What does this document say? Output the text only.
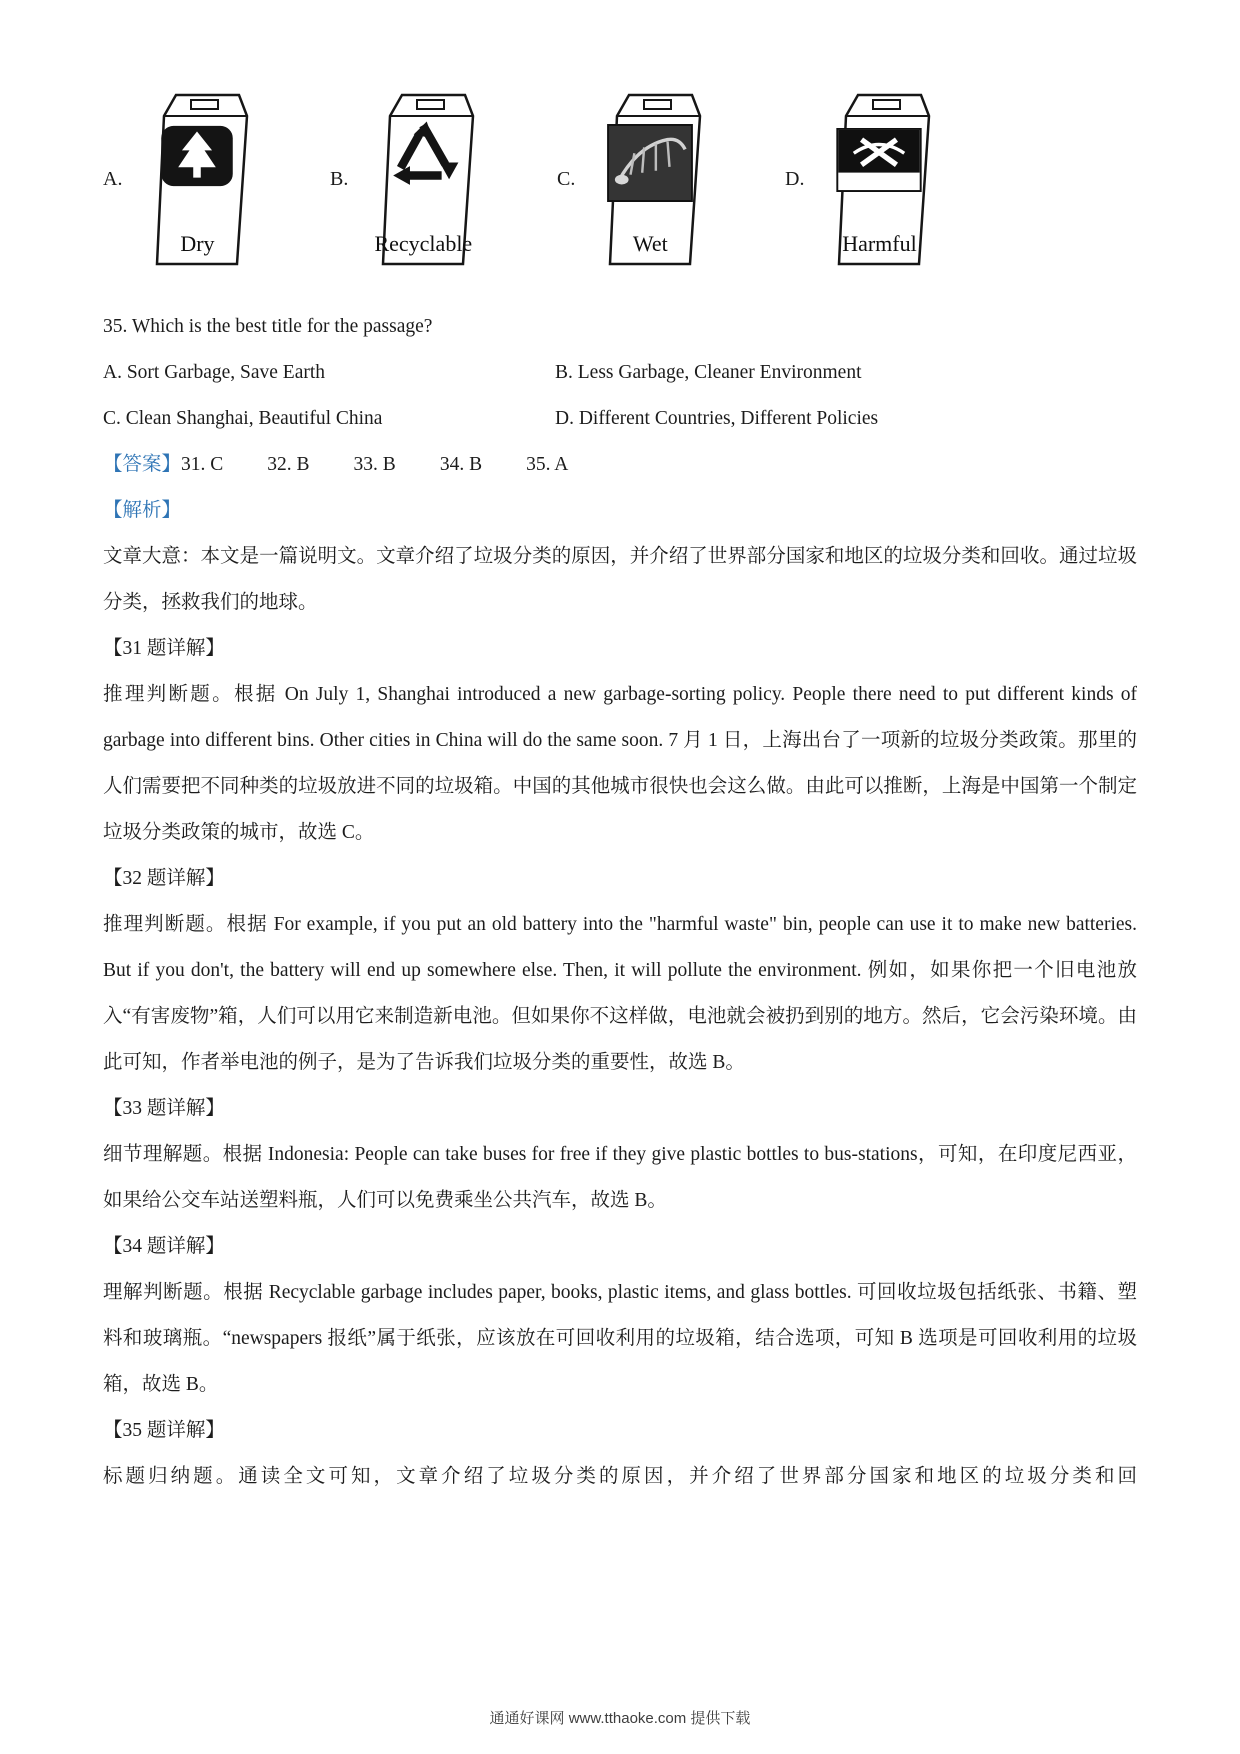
A.
Dry
B.
Recyclable
C.
Wet
D.
Harmful
35. Which is the best title for the passage?
A. Sort Garbage, Save Earth	B. Less Garbage, Cleaner Environment
C. Clean Shanghai, Beautiful China	D. Different Countries, Different Policies
【答案】 31. C 32. B 33. B 34. B 35. A
【解析】
文章大意：本文是一篇说明文。文章介绍了垃圾分类的原因，并介绍了世界部分国家和地区的垃圾分类和回收。通过垃圾分类，拯救我们的地球。
【31 题详解】
推理判断题。根据 On July 1, Shanghai introduced a new garbage-sorting policy. People there need to put different kinds of garbage into different bins. Other cities in China will do the same soon. 7 月 1 日，上海出台了一项新的垃圾分类政策。那里的人们需要把不同种类的垃圾放进不同的垃圾箱。中国的其他城市很快也会这么做。由此可以推断，上海是中国第一个制定垃圾分类政策的城市，故选 C。
【32 题详解】
推理判断题。根据 For example, if you put an old battery into the "harmful waste" bin, people can use it to make new batteries. But if you don't, the battery will end up somewhere else. Then, it will pollute the environment. 例如，如果你把一个旧电池放入“有害废物”箱，人们可以用它来制造新电池。但如果你不这样做，电池就会被扔到别的地方。然后，它会污染环境。由此可知，作者举电池的例子，是为了告诉我们垃圾分类的重要性，故选 B。
【33 题详解】
细节理解题。根据 Indonesia: People can take buses for free if they give plastic bottles to bus-stations，可知，在印度尼西亚，如果给公交车站送塑料瓶，人们可以免费乘坐公共汽车，故选 B。
【34 题详解】
理解判断题。根据 Recyclable garbage includes paper, books, plastic items, and glass bottles. 可回收垃圾包括纸张、书籍、塑料和玻璃瓶。“newspapers 报纸”属于纸张，应该放在可回收利用的垃圾箱，结合选项，可知 B 选项是可回收利用的垃圾箱，故选 B。
【35 题详解】
标题归纳题。通读全文可知，文章介绍了垃圾分类的原因，并介绍了世界部分国家和地区的垃圾分类和回
通通好课网 www.tthaoke.com 提供下载
